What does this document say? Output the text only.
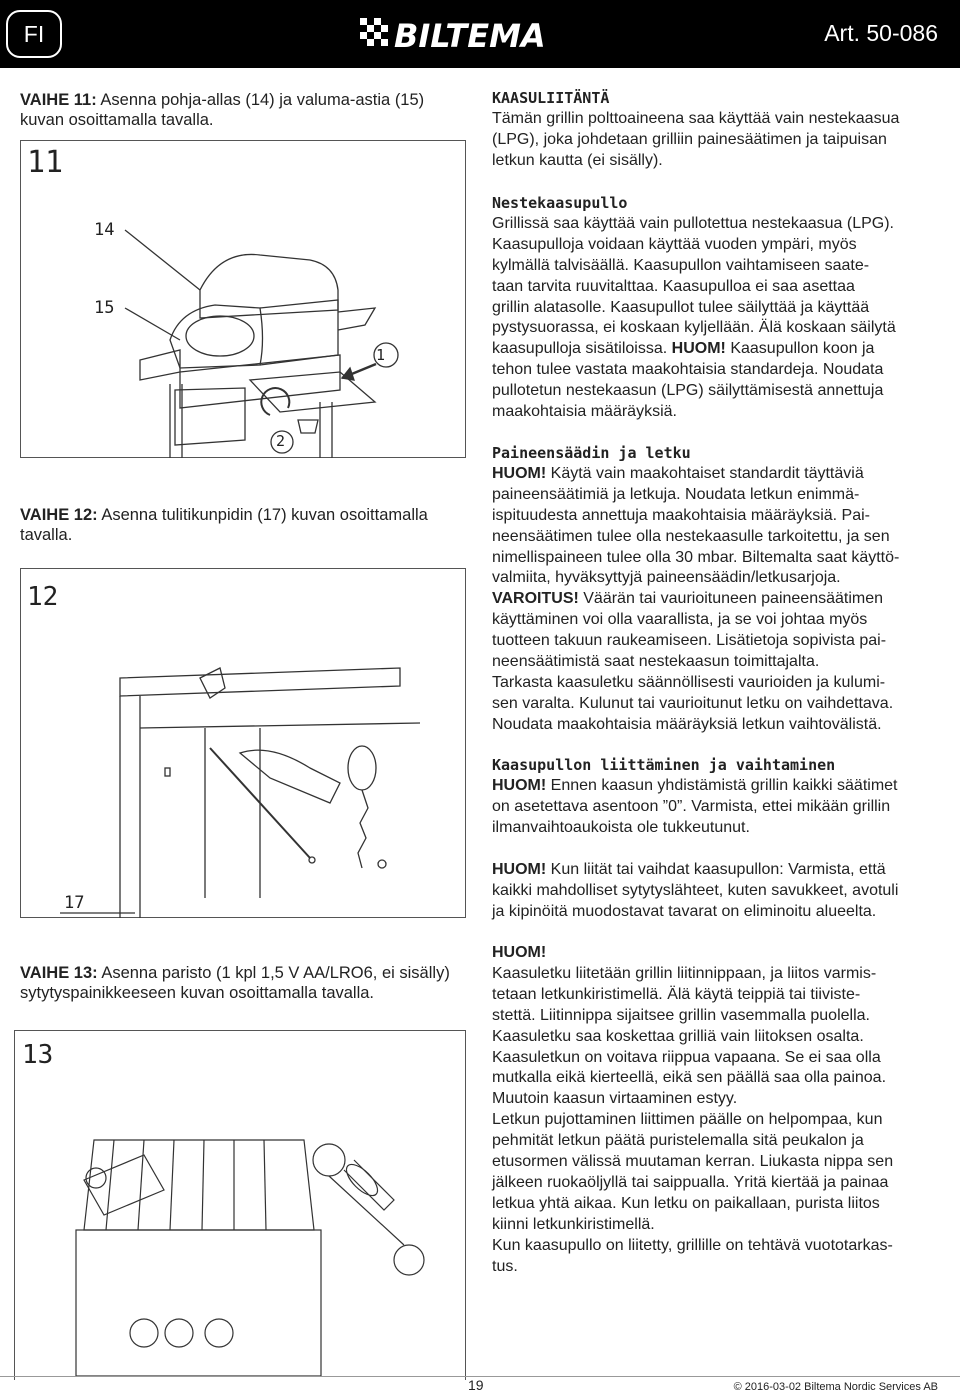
FI	BILTEMA	Art. 50-086
VAIHE 11: Asenna pohja-allas (14) ja valuma-astia (15) kuvan osoittamalla tavalla.
11
14
15
1
2
VAIHE 12: Asenna tulitikunpidin (17) kuvan osoittamalla tavalla.
12
17
VAIHE 13: Asenna paristo (1 kpl 1,5 V AA/LRO6, ei sisälly) sytytyspainikkeeseen kuvan osoittamalla tavalla.
13

KAASULIITÄNTÄ

Tämän grillin polttoaineena saa käyttää vain nestekaasua

(LPG), joka johdetaan grilliin painesäätimen ja taipuisan

letkun kautta (ei sisälly).

Nestekaasupullo

Grillissä saa käyttää vain pullotettua nestekaasua (LPG).

Kaasupulloja voidaan käyttää vuoden ympäri, myös

kylmällä talvisäällä. Kaasupullon vaihtamiseen saate-

taan tarvita ruuvitalttaa. Kaasupulloa ei saa asettaa

grillin alatasolle. Kaasupullot tulee säilyttää ja käyttää

pystysuorassa, ei koskaan kyljellään. Älä koskaan säilytä

kaasupulloja sisätiloissa. HUOM! Kaasupullon koon ja

tehon tulee vastata maakohtaisia standardeja. Noudata

pullotetun nestekaasun (LPG) säilyttämisestä annettuja

maakohtaisia määräyksiä.

Paineensäädin ja letku

HUOM! Käytä vain maakohtaiset standardit täyttäviä

paineensäätimiä ja letkuja. Noudata letkun enimmä-

ispituudesta annettuja maakohtaisia määräyksiä. Pai-

neensäätimen tulee olla nestekaasulle tarkoitettu, ja sen

nimellispaineen tulee olla 30 mbar. Biltemalta saat käyttö-

valmiita, hyväksyttyjä paineensäädin/letkusarjoja.

VAROITUS! Väärän tai vaurioituneen paineensäätimen

käyttäminen voi olla vaarallista, ja se voi johtaa myös

tuotteen takuun raukeamiseen. Lisätietoja sopivista pai-

neensäätimistä saat nestekaasun toimittajalta.

Tarkasta kaasuletku säännöllisesti vaurioiden ja kulumi-

sen varalta. Kulunut tai vaurioitunut letku on vaihdettava.

Noudata maakohtaisia määräyksiä letkun vaihtovälistä.

Kaasupullon liittäminen ja vaihtaminen

HUOM! Ennen kaasun yhdistämistä grillin kaikki säätimet

on asetettava asentoon ”0”. Varmista, ettei mikään grillin

ilmanvaihtoaukoista ole tukkeutunut.

HUOM! Kun liität tai vaihdat kaasupullon: Varmista, että

kaikki mahdolliset sytytyslähteet, kuten savukkeet, avotuli

ja kipinöitä muodostavat tavarat on eliminoitu alueelta.

HUOM!

Kaasuletku liitetään grillin liitinnippaan, ja liitos varmis-

tetaan letkunkiristimellä. Älä käytä teippiä tai tiiviste-

stettä. Liitinnippa sijaitsee grillin vasemmalla puolella.

Kaasuletku saa koskettaa grilliä vain liitoksen osalta.

Kaasuletkun on voitava riippua vapaana. Se ei saa olla

mutkalla eikä kierteellä, eikä sen päällä saa olla painoa.

Muutoin kaasun virtaaminen estyy.

Letkun pujottaminen liittimen päälle on helpompaa, kun

pehmität letkun päätä puristelemalla sitä peukalon ja

etusormen välissä muutaman kerran. Liukasta nippa sen

jälkeen ruokaöljyllä tai saippualla. Yritä kiertää ja painaa

letkua yhtä aikaa. Kun letku on paikallaan, purista liitos

kiinni letkunkiristimellä.

Kun kaasupullo on liitetty, grillille on tehtävä vuototarkas-

tus.

19	© 2016-03-02 Biltema Nordic Services AB
